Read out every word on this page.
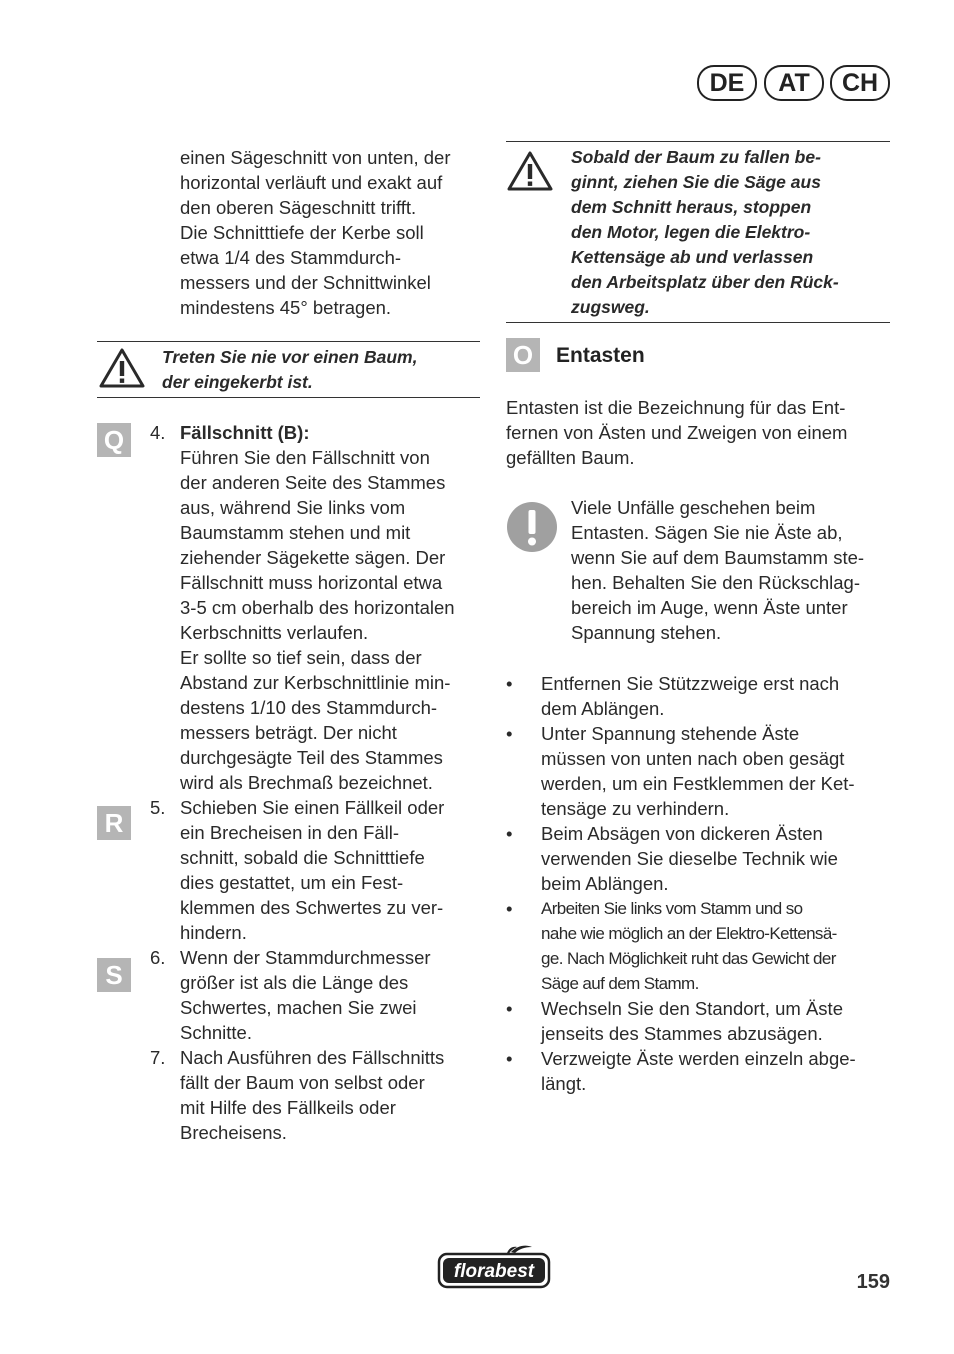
DE	AT	CH

einen Sägeschnitt von unten, der

horizontal verläuft und exakt auf

den oberen Sägeschnitt trifft.

Die Schnitttiefe der Kerbe soll

etwa 1/4 des Stammdurch-

messers und der Schnittwinkel

mindestens 45° betragen.

Treten Sie nie vor einen Baum,
der eingekerbt ist.
Q
R
S
4. Fällschnitt (B):
Führen Sie den Fällschnitt von
der anderen Seite des Stammes
aus, während Sie links vom
Baumstamm stehen und mit
ziehender Sägekette sägen. Der
Fällschnitt muss horizontal etwa
3-5 cm oberhalb des horizontalen
Kerbschnitts verlaufen.
Er sollte so tief sein, dass der
Abstand zur Kerbschnittlinie min-
destens 1/10 des Stammdurch-
messers beträgt. Der nicht
durchgesägte Teil des Stammes
wird als Brechmaß bezeichnet.
5. Schieben Sie einen Fällkeil oder
ein Brecheisen in den Fäll-
schnitt, sobald die Schnitttiefe
dies gestattet, um ein Fest-
klemmen des Schwertes zu ver-
hindern.
6. Wenn der Stammdurchmesser
größer ist als die Länge des
Schwertes, machen Sie zwei
Schnitte.
7. Nach Ausführen des Fällschnitts
fällt der Baum von selbst oder
mit Hilfe des Fällkeils oder
Brecheisens.
Sobald der Baum zu fallen be-
ginnt, ziehen Sie die Säge aus
dem Schnitt heraus, stoppen
den Motor, legen die Elektro-
Kettensäge ab und verlassen
den Arbeitsplatz über den Rück-
zugsweg.
O	Entasten

Entasten ist die Bezeichnung für das Ent-

fernen von Ästen und Zweigen von einem

gefällten Baum.

Viele Unfälle geschehen beim

Entasten. Sägen Sie nie Äste ab,

wenn Sie auf dem Baumstamm ste-

hen. Behalten Sie den Rückschlag-

bereich im Auge, wenn Äste unter

Spannung stehen.

• Entfernen Sie Stützzweige erst nach
dem Ablängen.
• Unter Spannung stehende Äste
müssen von unten nach oben gesägt
werden, um ein Festklemmen der Ket-
tensäge zu verhindern.
• Beim Absägen von dickeren Ästen
verwenden Sie dieselbe Technik wie
beim Ablängen.
• Arbeiten Sie links vom Stamm und so
nahe wie möglich an der Elektro-Kettensä-
ge. Nach Möglichkeit ruht das Gewicht der
Säge auf dem Stamm.
• Wechseln Sie den Standort, um Äste
jenseits des Stammes abzusägen.
• Verzweigte Äste werden einzeln abge-
längt.
florabest	159
